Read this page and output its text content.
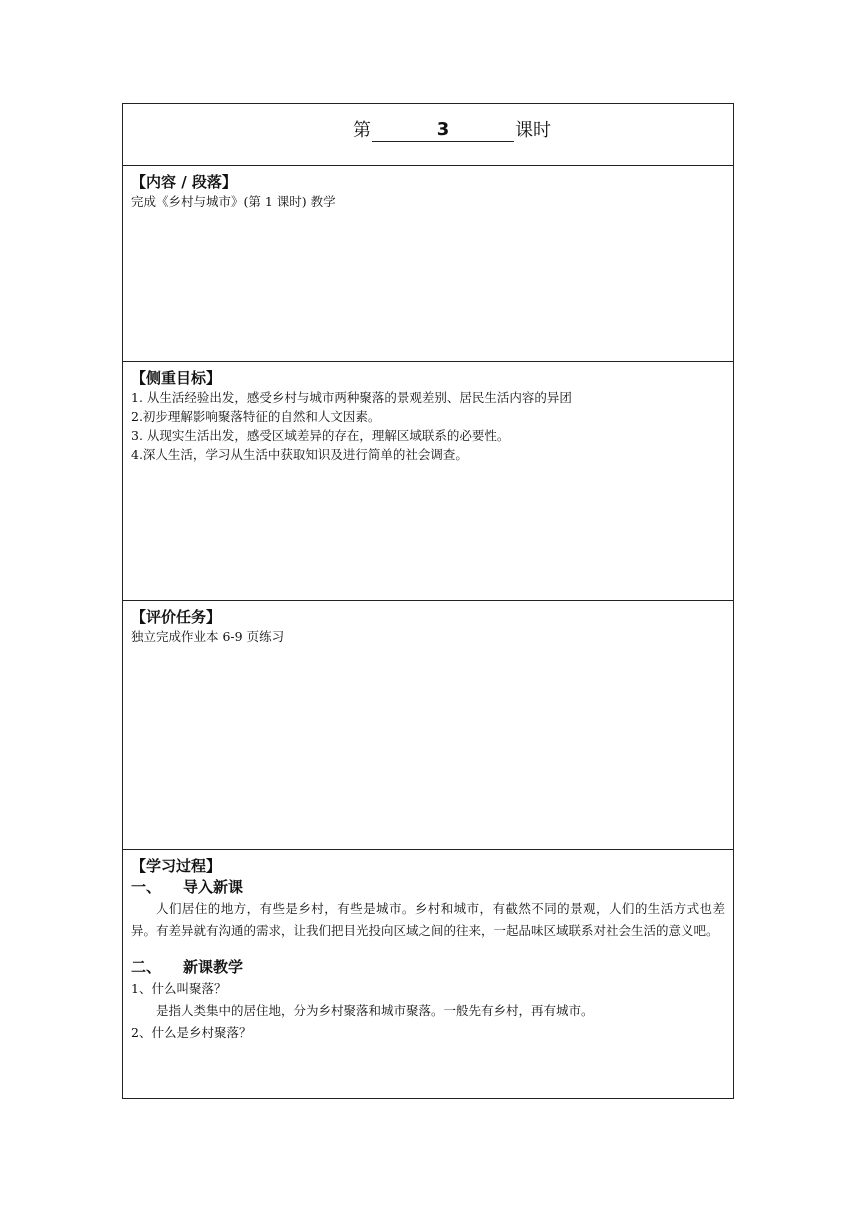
第	3	课时
【内容 / 段落】
完成《乡村与城市》(第 1 课时) 教学
【侧重目标】
1. 从生活经验出发，感受乡村与城市两种聚落的景观差别、居民生活内容的异团
2.初步理解影响聚落特征的自然和人文因素。
3. 从现实生活出发，感受区域差异的存在，理解区域联系的必要性。
4.深人生活，学习从生活中获取知识及进行简单的社会调查。
【评价任务】
独立完成作业本 6-9 页练习
【学习过程】
一、 导入新课

人们居住的地方，有些是乡村，有些是城市。乡村和城市，有截然不同的景观，人们的生活方式也差异。有差异就有沟通的需求，让我们把目光投向区域之间的往来，一起品味区域联系对社会生活的意义吧。

二、 新课教学
1、什么叫聚落？

是指人类集中的居住地，分为乡村聚落和城市聚落。一般先有乡村，再有城市。

2、什么是乡村聚落？
